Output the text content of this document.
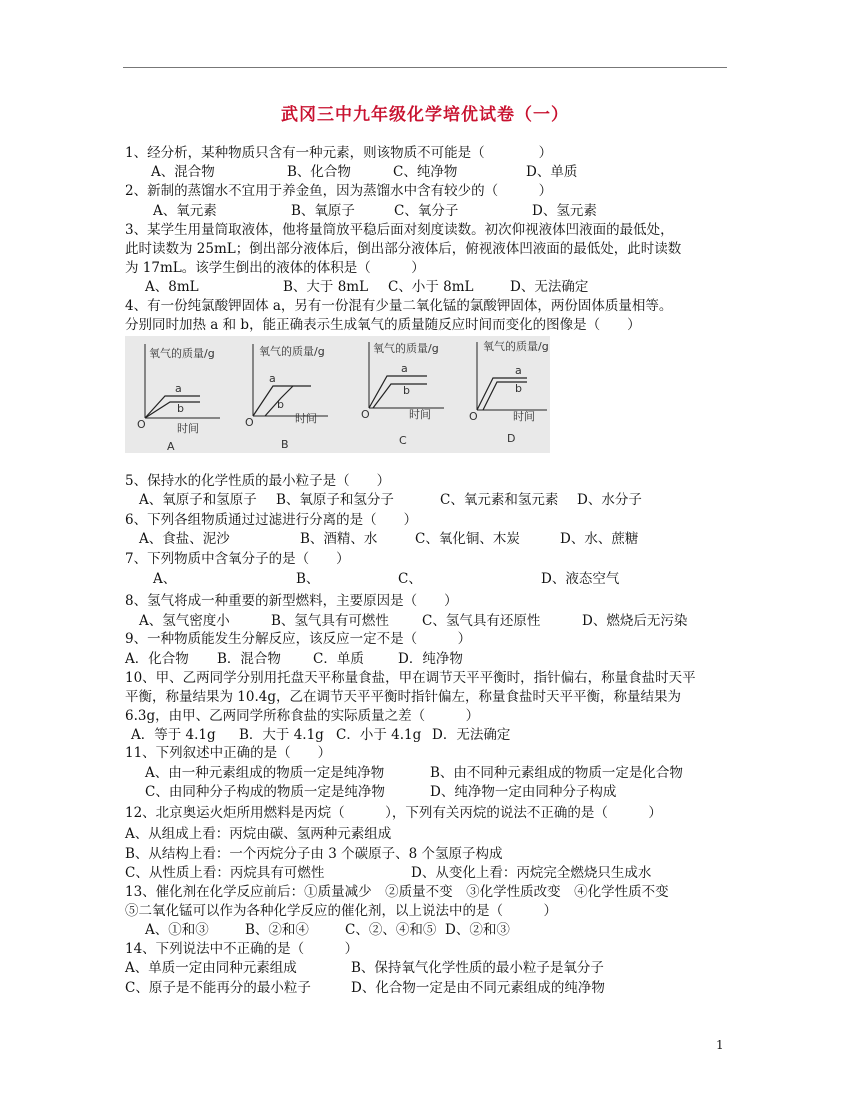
武冈三中九年级化学培优试卷（一）
1、经分析，某种物质只含有一种元素，则该物质不可能是（　　　　）
A、混合物	B、化合物	C、纯净物	D、单质
2、新制的蒸馏水不宜用于养金鱼，因为蒸馏水中含有较少的（　　　）
A、氧元素	B、氧原子	C、氧分子	D、氢元素
3、某学生用量筒取液体，他将量筒放平稳后面对刻度读数。初次仰视液体凹液面的最低处，
此时读数为 25mL；倒出部分液体后，倒出部分液体后，俯视液体凹液面的最低处，此时读数
为 17mL。该学生倒出的液体的体积是（　　　）
A、8mL	B、大于 8mL C、小于 8mL	D、无法确定
4、有一份纯氯酸钾固体 a，另有一份混有少量二氧化锰的氯酸钾固体，两份固体质量相等。
分别同时加热 a 和 b，能正确表示生成氧气的质量随反应时间而变化的图像是（　　）
氧气的质量/g
时间
O
a
b
A
氧气的质量/g
时间
O
a
b
B
氧气的质量/g
时间
O
a
b
C
氧气的质量/g
时间
O
a
b
D
5、保持水的化学性质的最小粒子是（　　）
A、氧原子和氢原子 B、氧原子和氢分子	C、氧元素和氢元素 D、水分子
6、下列各组物质通过过滤进行分离的是（　　）
A、食盐、泥沙	B、酒精、水	C、氧化铜、木炭	D、水、蔗糖
7、下列物质中含氧分子的是（　　）
A、	B、	C、	D、液态空气
8、氢气将成一种重要的新型燃料，主要原因是（　　）
A、氢气密度小	B、氢气具有可燃性 C、氢气具有还原性	D、燃烧后无污染
9、一种物质能发生分解反应，该反应一定不是（　　　）
A．化合物 B．混合物 C．单质	D．纯净物
10、甲、乙两同学分别用托盘天平称量食盐，甲在调节天平平衡时，指针偏右，称量食盐时天平
平衡，称量结果为 10.4g，乙在调节天平平衡时指针偏左，称量食盐时天平平衡，称量结果为
6.3g，由甲、乙两同学所称食盐的实际质量之差（　　　）
A．等于 4.1g B．大于 4.1g C．小于 4.1g D．无法确定
11、下列叙述中正确的是（　　）
A、由一种元素组成的物质一定是纯净物	B、由不同种元素组成的物质一定是化合物
C、由同种分子构成的物质一定是纯净物	D、纯净物一定由同种分子构成
12、北京奥运火炬所用燃料是丙烷（　　　），下列有关丙烷的说法不正确的是（　　　）
A、从组成上看：丙烷由碳、氢两种元素组成
B、从结构上看：一个丙烷分子由 3 个碳原子、8 个氢原子构成
C、从性质上看：丙烷具有可燃性	D、从变化上看：丙烷完全燃烧只生成水
13、催化剂在化学反应前后：①质量减少　②质量不变　③化学性质改变　④化学性质不变
⑤二氧化锰可以作为各种化学反应的催化剂，以上说法中的是（　　　）
A、①和③	B、②和④	C、②、④和⑤ D、②和③
14、下列说法中不正确的是（　　　）
A、单质一定由同种元素组成	B、保持氧气化学性质的最小粒子是氧分子
C、原子是不能再分的最小粒子	D、化合物一定是由不同元素组成的纯净物
1
